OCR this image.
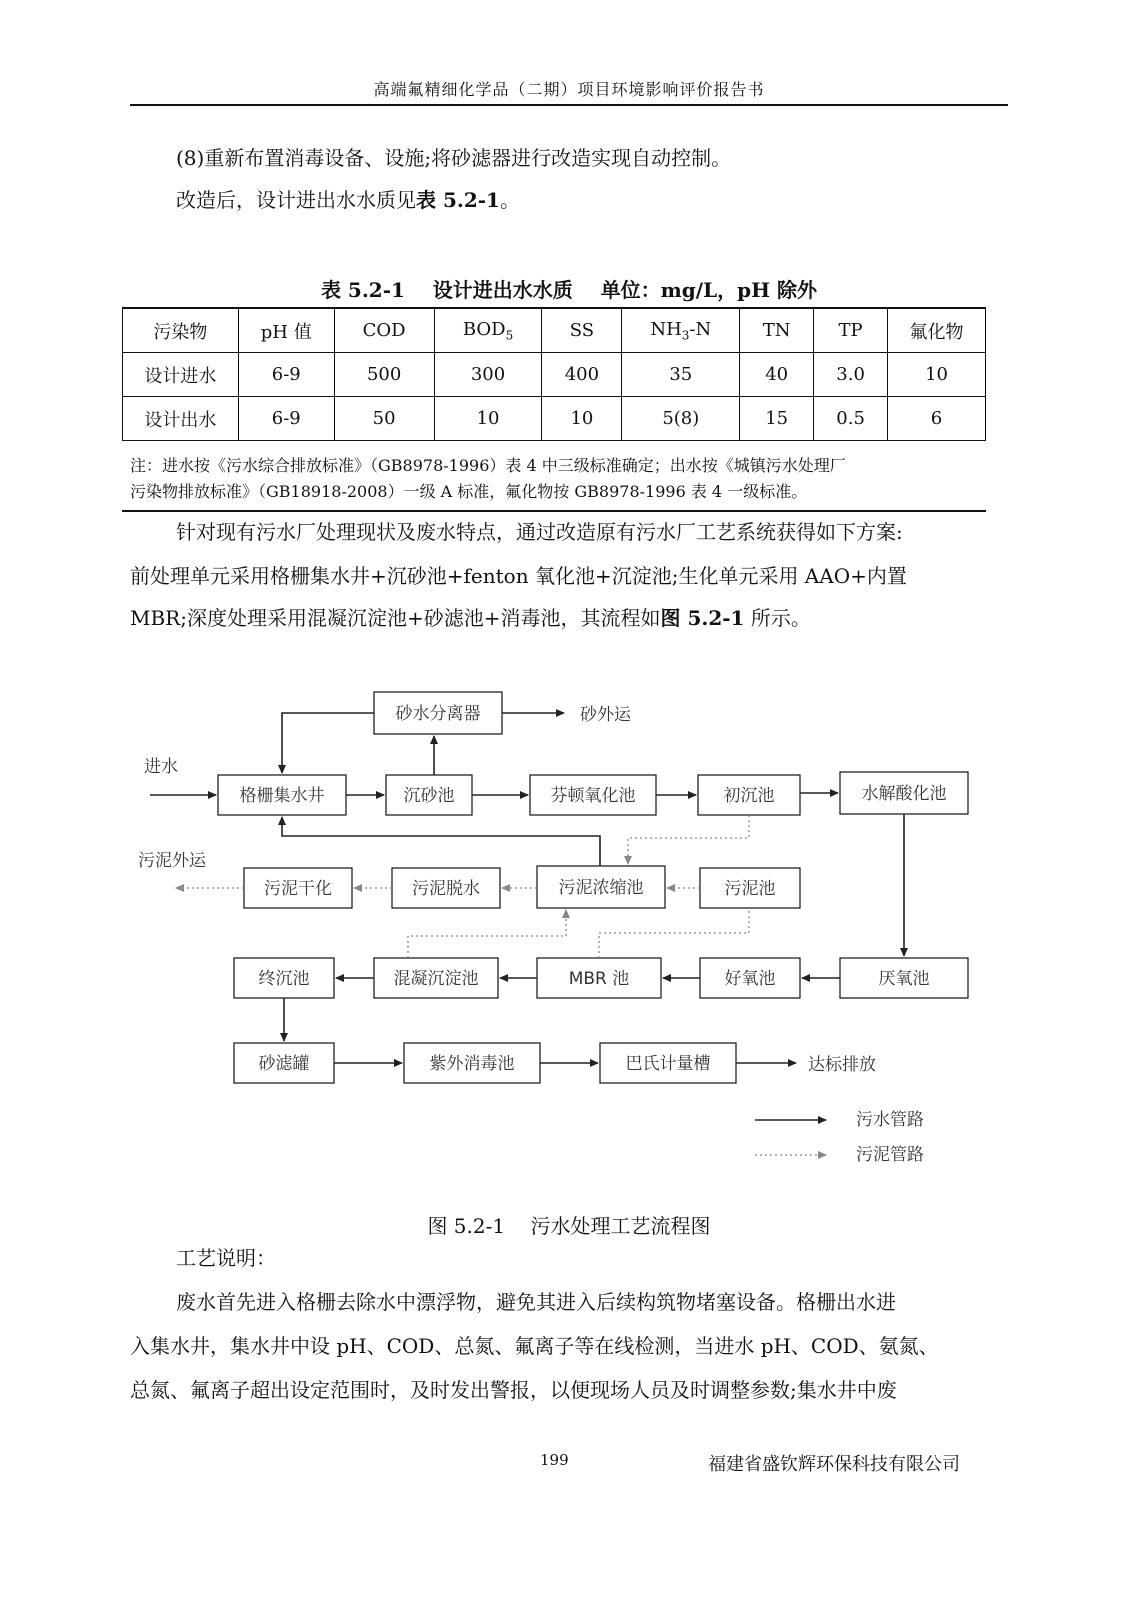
高端氟精细化学品（二期）项目环境影响评价报告书
(8)重新布置消毒设备、设施;将砂滤器进行改造实现自动控制。
改造后，设计进出水水质见表 5.2-1。
表 5.2-1    设计进出水水质    单位：mg/L，pH 除外
污染物	pH 值	COD	$BOD_5$	SS	$NH_3-N$	TN	TP	氟化物
设计进水	6-9	500	300	400	35	40	3.0	10
设计出水	6-9	50	10	10	5(8)	15	0.5	6
注：进水按《污水综合排放标准》（GB8978-1996）表 4 中三级标准确定；出水按《城镇污水处理厂
污染物排放标准》（GB18918-2008）一级 A 标准，氟化物按 GB8978-1996 表 4 一级标准。
针对现有污水厂处理现状及废水特点，通过改造原有污水厂工艺系统获得如下方案:
前处理单元采用格栅集水井+沉砂池+fenton 氧化池+沉淀池;生化单元采用 AAO+内置
MBR;深度处理采用混凝沉淀池+砂滤池+消毒池，其流程如图 5.2-1 所示。
砂水分离器
格栅集水井	沉砂池	芬顿氧化池	初沉池	水解酸化池
污泥干化	污泥脱水	污泥浓缩池	污泥池
终沉池	混凝沉淀池	MBR 池	好氧池	厌氧池
砂滤罐	紫外消毒池	巴氏计量槽
进水
污泥外运
砂外运
达标排放
污水管路
污泥管路
图 5.2-1    污水处理工艺流程图
工艺说明：
废水首先进入格栅去除水中漂浮物，避免其进入后续构筑物堵塞设备。格栅出水进
入集水井，集水井中设 pH、COD、总氮、氟离子等在线检测，当进水 pH、COD、氨氮、
总氮、氟离子超出设定范围时，及时发出警报，以便现场人员及时调整参数;集水井中废
199	福建省盛钦辉环保科技有限公司
